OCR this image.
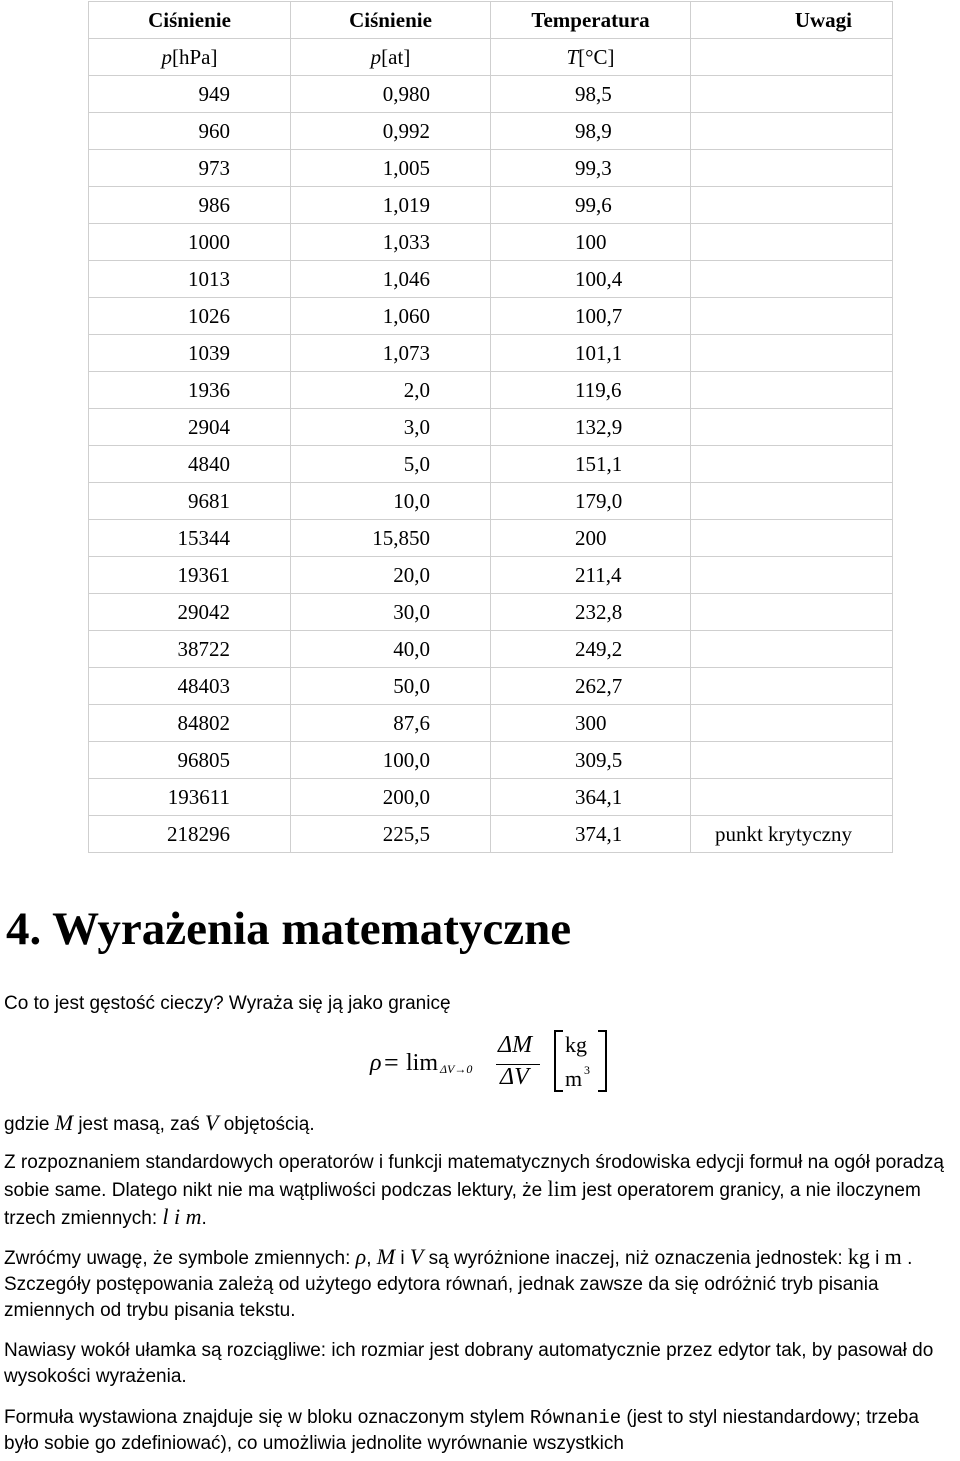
Ciśnienie	Ciśnienie	Temperatura	Uwagi
p[hPa]	p[at]	T[°C]	
949	0,980	98,5	
960	0,992	98,9	
973	1,005	99,3	
986	1,019	99,6	
1000	1,033	100	
1013	1,046	100,4	
1026	1,060	100,7	
1039	1,073	101,1	
1936	2,0	119,6	
2904	3,0	132,9	
4840	5,0	151,1	
9681	10,0	179,0	
15344	15,850	200	
19361	20,0	211,4	
29042	30,0	232,8	
38722	40,0	249,2	
48403	50,0	262,7	
84802	87,6	300	
96805	100,0	309,5	
193611	200,0	364,1	
218296	225,5	374,1	punkt krytyczny
4. Wyrażenia matematyczne
Co to jest gęstość cieczy? Wyraża się ją jako granicę
ρ = lim ΔV→0
ΔM
ΔV
kg
m 3
gdzie M jest masą, zaś V objętością.
Z rozpoznaniem standardowych operatorów i funkcji matematycznych środowiska edycji formuł na ogół poradzą sobie same. Dlatego nikt nie ma wątpliwości podczas lektury, że lim jest operatorem granicy, a nie iloczynem trzech zmiennych: l i m.
Zwróćmy uwagę, że symbole zmiennych: ρ, M i V są wyróżnione inaczej, niż oznaczenia jednostek: kg i m . Szczegóły postępowania zależą od użytego edytora równań, jednak zawsze da się odróżnić tryb pisania zmiennych od trybu pisania tekstu.
Nawiasy wokół ułamka są rozciągliwe: ich rozmiar jest dobrany automatycznie przez edytor tak, by pasował do wysokości wyrażenia.
Formuła wystawiona znajduje się w bloku oznaczonym stylem Równanie (jest to styl niestandardowy; trzeba było sobie go zdefiniować), co umożliwia jednolite wyrównanie wszystkich
